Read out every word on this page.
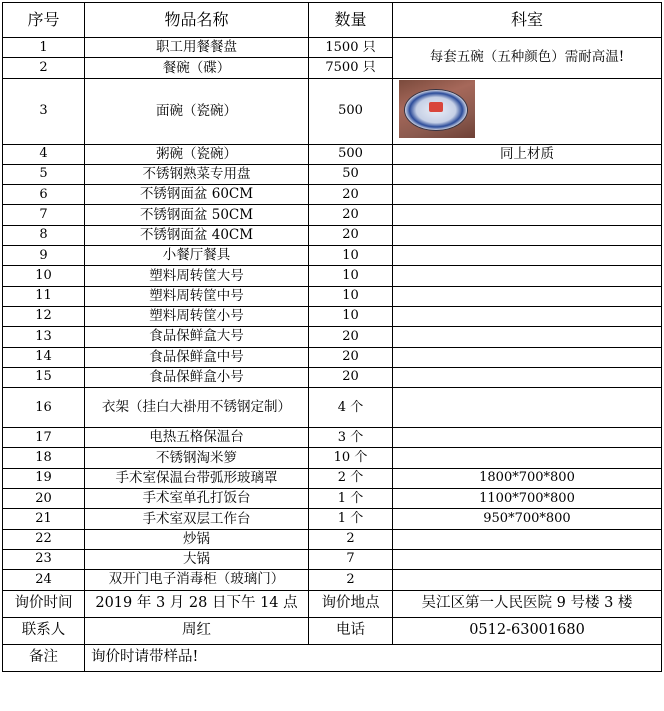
序号	物品名称	数量	科室
1	职工用餐餐盘	1500 只	每套五碗（五种颜色）需耐高温!
2	餐碗（碟）	7500 只	
3	面碗（瓷碗）	500	

4	粥碗（瓷碗）	500	同上材质
5	不锈钢熟菜专用盘	50	
6	不锈钢面盆 60CM	20	
7	不锈钢面盆 50CM	20	
8	不锈钢面盆 40CM	20	
9	小餐厅餐具	10	
10	塑料周转筐大号	10	
11	塑料周转筐中号	10	
12	塑料周转筐小号	10	
13	食品保鲜盒大号	20	
14	食品保鲜盒中号	20	
15	食品保鲜盒小号	20	
16	衣架（挂白大褂用不锈钢定制）	4 个	
17	电热五格保温台	3 个	
18	不锈钢淘米箩	10 个	
19	手术室保温台带弧形玻璃罩	2 个	1800*700*800
20	手术室单孔打饭台	1 个	1100*700*800
21	手术室双层工作台	1 个	950*700*800
22	炒锅	2	
23	大锅	7	
24	双开门电子消毒柜（玻璃门）	2	
询价时间	2019 年 3 月 28 日下午 14 点	询价地点	吴江区第一人民医院 9 号楼 3 楼
联系人	周红	电话	0512-63001680
备注	询价时请带样品!		
